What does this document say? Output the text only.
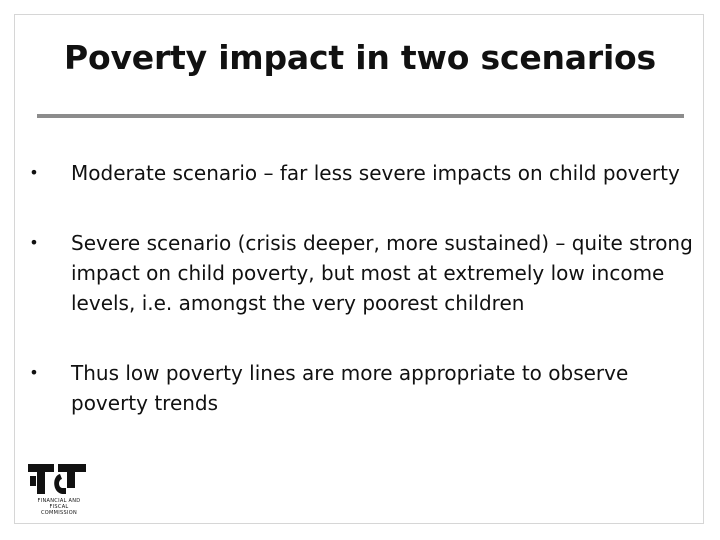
Poverty impact in two scenarios
• Moderate scenario – far less severe impacts on child poverty
• Severe scenario (crisis deeper, more sustained) – quite strong impact on child poverty, but most at extremely low income levels, i.e. amongst the very poorest children
• Thus low poverty lines are more appropriate to observe poverty trends
FINANCIAL AND FISCAL COMMISSION
